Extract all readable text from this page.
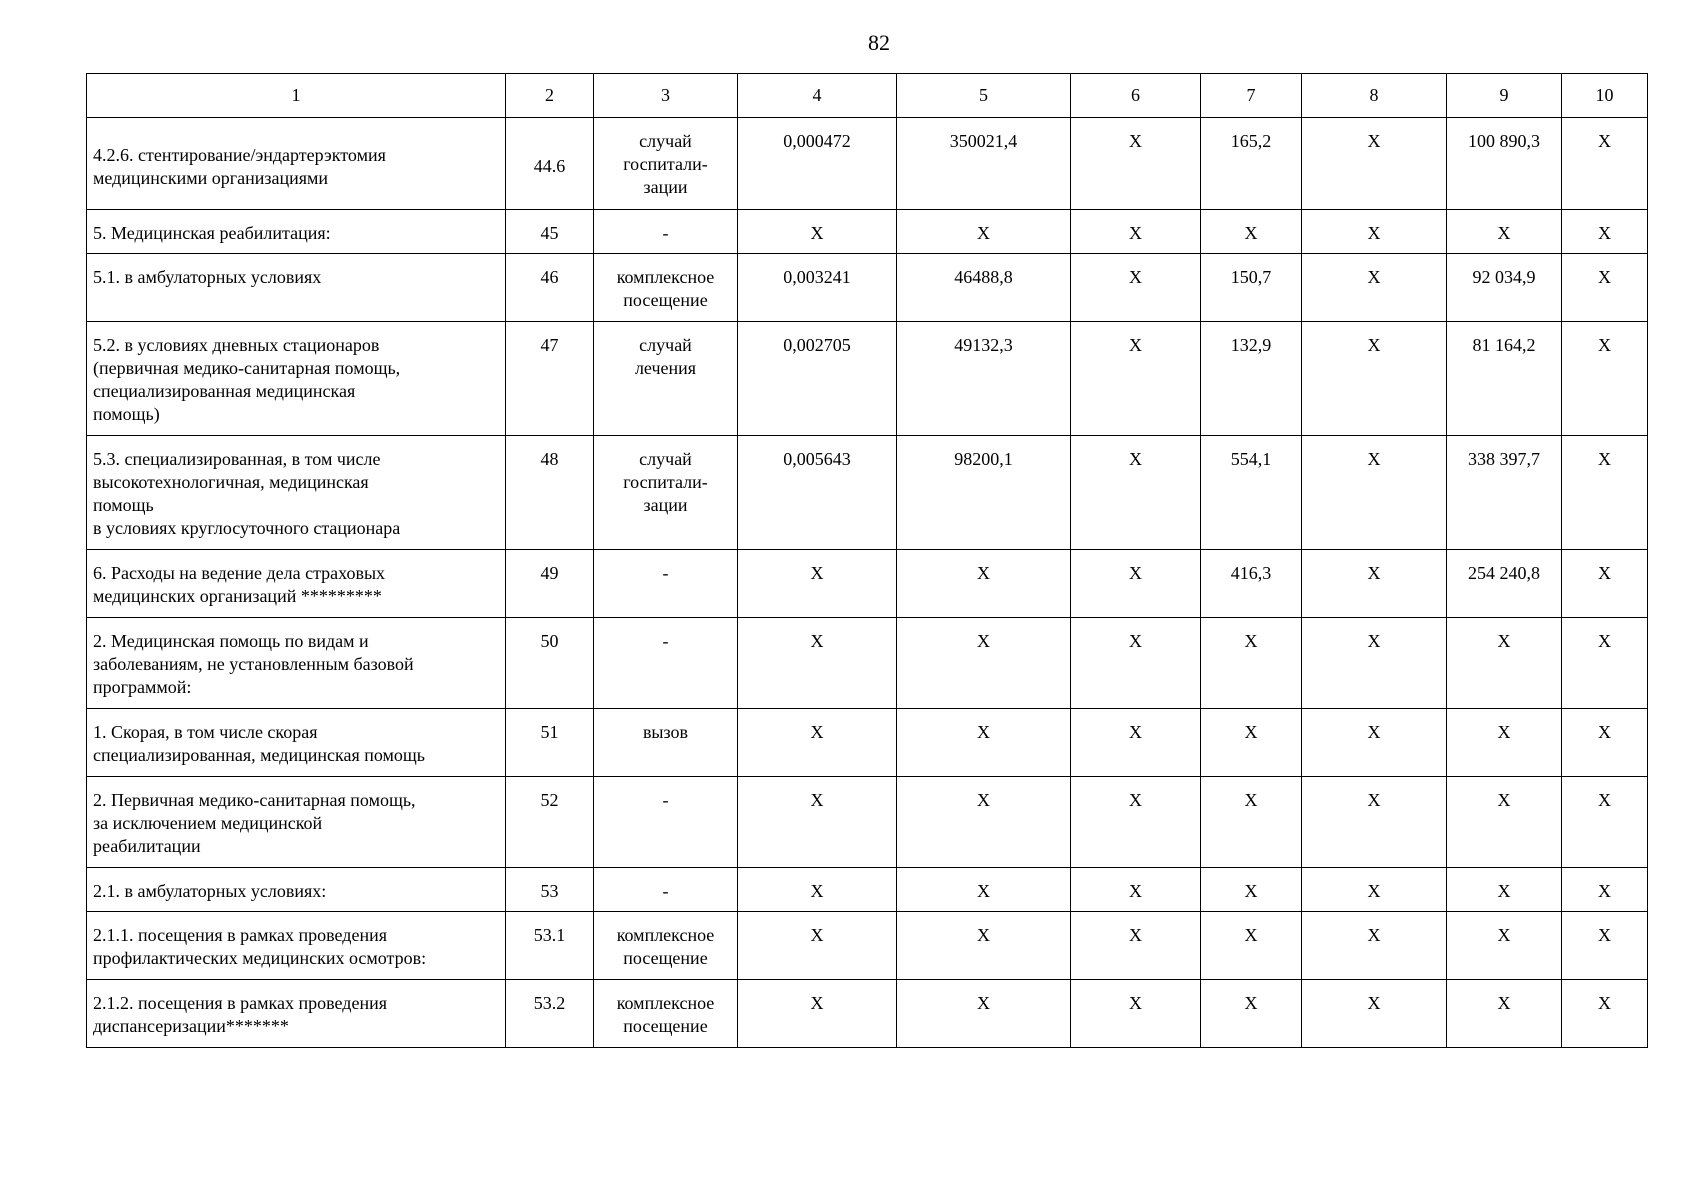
82
1	2	3	4	5	6	7	8	9	10
4.2.6. стентирование/эндартерэктомия
медицинскими организациями	44.6	случай
госпитали-
зации	0,000472	350021,4	X	165,2	X	100 890,3	X
5. Медицинская реабилитация:	45	-	X	X	X	X	X	X	X
5.1. в амбулаторных условиях	46	комплексное
посещение	0,003241	46488,8	X	150,7	X	92 034,9	X
5.2. в условиях дневных стационаров
(первичная медико-санитарная помощь,
специализированная медицинская
помощь)	47	случай
лечения	0,002705	49132,3	X	132,9	X	81 164,2	X
5.3. специализированная, в том числе
высокотехнологичная, медицинская
помощь
в условиях круглосуточного стационара	48	случай
госпитали-
зации	0,005643	98200,1	X	554,1	X	338 397,7	X
6. Расходы на ведение дела страховых
медицинских организаций *********	49	-	X	X	X	416,3	X	254 240,8	X
2. Медицинская помощь по видам и
заболеваниям, не установленным базовой
программой:	50	-	X	X	X	X	X	X	X
1. Скорая, в том числе скорая
специализированная, медицинская помощь	51	вызов	X	X	X	X	X	X	X
2. Первичная медико-санитарная помощь,
за исключением медицинской
реабилитации	52	-	X	X	X	X	X	X	X
2.1. в амбулаторных условиях:	53	-	X	X	X	X	X	X	X
2.1.1. посещения в рамках проведения
профилактических медицинских осмотров:	53.1	комплексное
посещение	X	X	X	X	X	X	X
2.1.2. посещения в рамках проведения
диспансеризации*******	53.2	комплексное
посещение	X	X	X	X	X	X	X
